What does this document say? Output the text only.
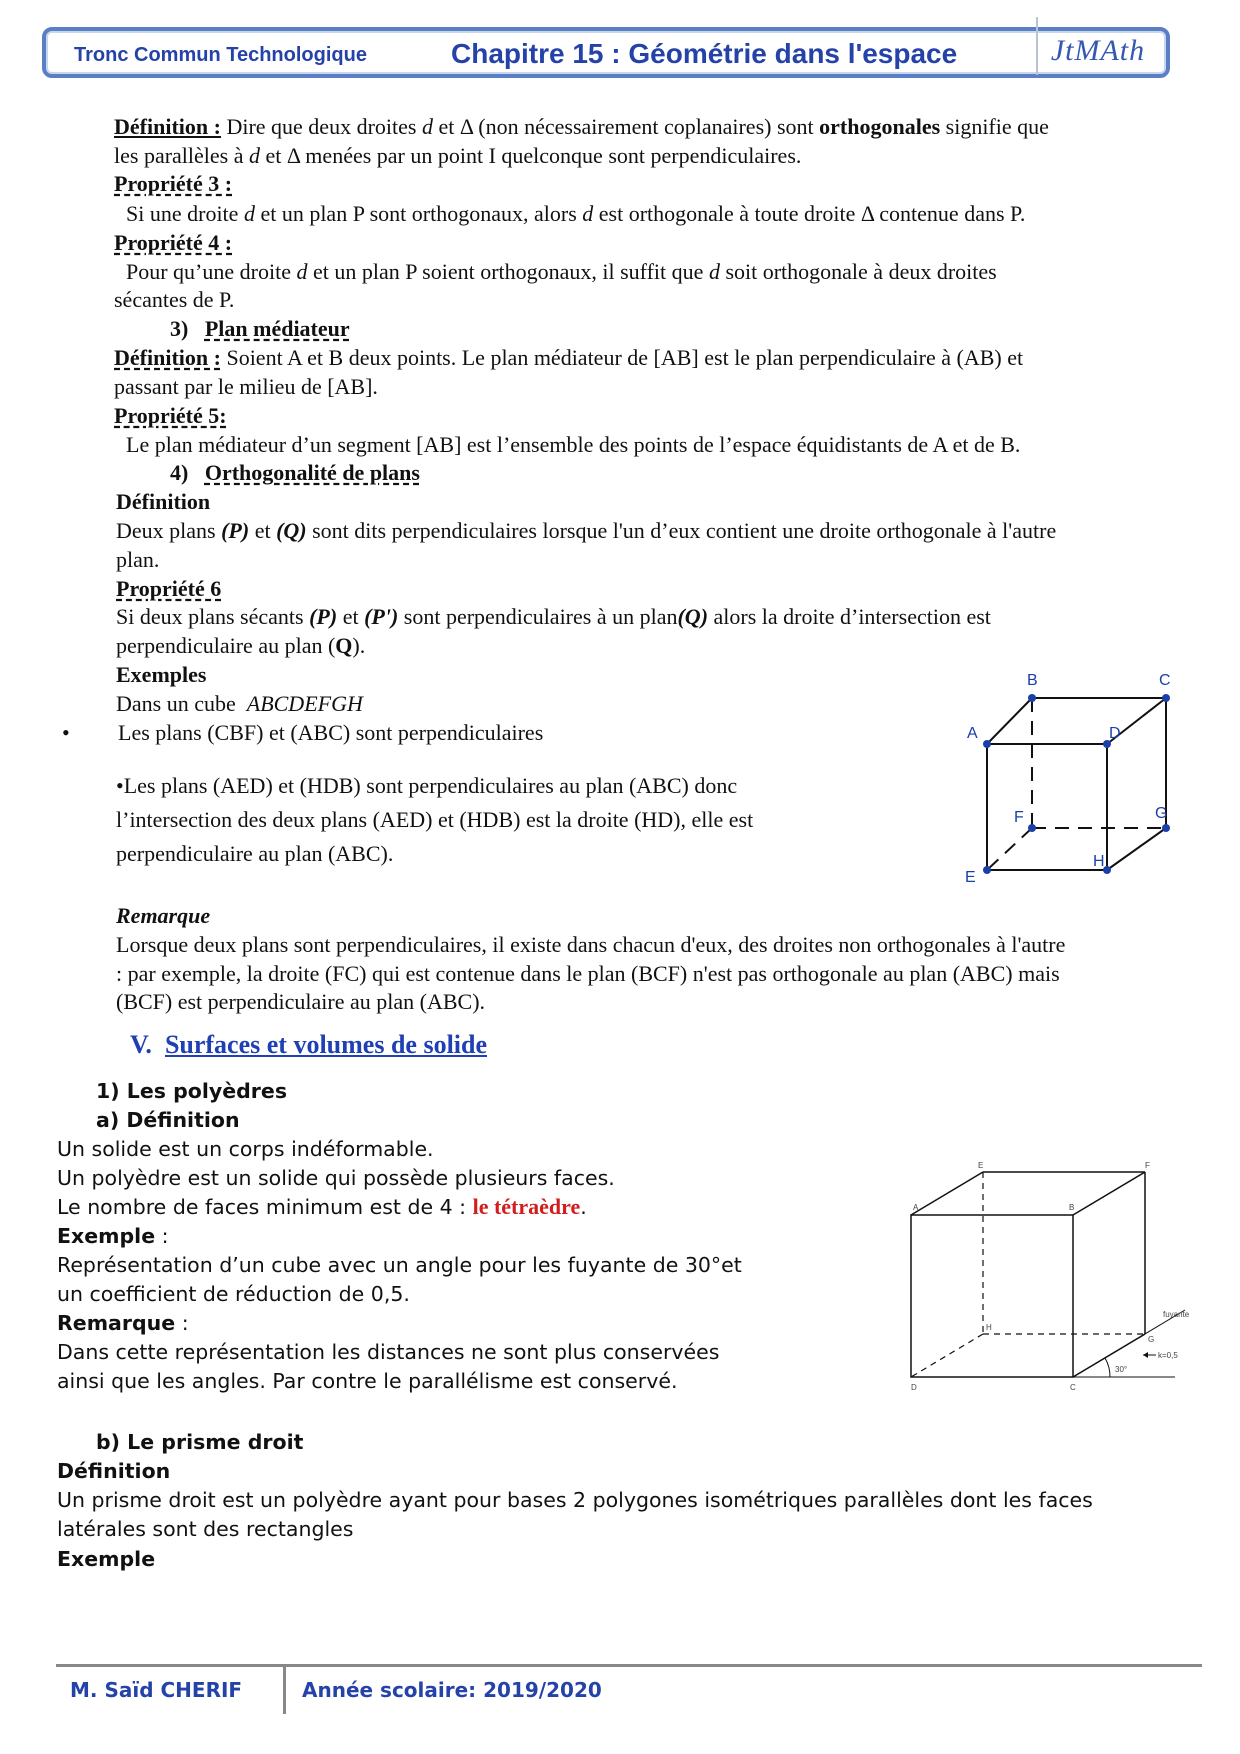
Tronc Commun Technologique	Chapitre 15 : Géométrie dans l'espace	JtMAth
Définition : Dire que deux droites d et Δ (non nécessairement coplanaires) sont orthogonales signifie que
les parallèles à d et Δ menées par un point I quelconque sont perpendiculaires.
Propriété 3 :
Si une droite d et un plan P sont orthogonaux, alors d est orthogonale à toute droite Δ contenue dans P.
Propriété 4 :
Pour qu’une droite d et un plan P soient orthogonaux, il suffit que d soit orthogonale à deux droites
sécantes de P.
3) Plan médiateur
Définition : Soient A et B deux points. Le plan médiateur de [AB] est le plan perpendiculaire à (AB) et
passant par le milieu de [AB].
Propriété 5:
Le plan médiateur d’un segment [AB] est l’ensemble des points de l’espace équidistants de A et de B.
4) Orthogonalité de plans
Définition
Deux plans (P) et (Q) sont dits perpendiculaires lorsque l'un d’eux contient une droite orthogonale à l'autre
plan.
Propriété 6
Si deux plans sécants (P) et (P') sont perpendiculaires à un plan(Q) alors la droite d’intersection est
perpendiculaire au plan (Q).
Exemples
Dans un cube  ABCDEFGH
• Les plans (CBF) et (ABC) sont perpendiculaires
•Les plans (AED) et (HDB) sont perpendiculaires au plan (ABC) donc
l’intersection des deux plans (AED) et (HDB) est la droite (HD), elle est
perpendiculaire au plan (ABC).
B	C
A	D
F	G
E
H
Remarque
Lorsque deux plans sont perpendiculaires, il existe dans chacun d'eux, des droites non orthogonales à l'autre
: par exemple, la droite (FC) qui est contenue dans le plan (BCF) n'est pas orthogonale au plan (ABC) mais
(BCF) est perpendiculaire au plan (ABC).
V. Surfaces et volumes de solide
1) Les polyèdres
a) Définition
Un solide est un corps indéformable.
Un polyèdre est un solide qui possède plusieurs faces.
Le nombre de faces minimum est de 4 : le tétraèdre.
Exemple :
Représentation d’un cube avec un angle pour les fuyante de 30°et
un coefficient de réduction de 0,5.
Remarque :
Dans cette représentation les distances ne sont plus conservées
ainsi que les angles. Par contre le parallélisme est conservé.
A
E	F
B
H
G
D	C
fuyante
k=0,5
30°
b) Le prisme droit
Définition
Un prisme droit est un polyèdre ayant pour bases 2 polygones isométriques parallèles dont les faces
latérales sont des rectangles
Exemple
M. Saïd CHERIF	Année scolaire: 2019/2020
